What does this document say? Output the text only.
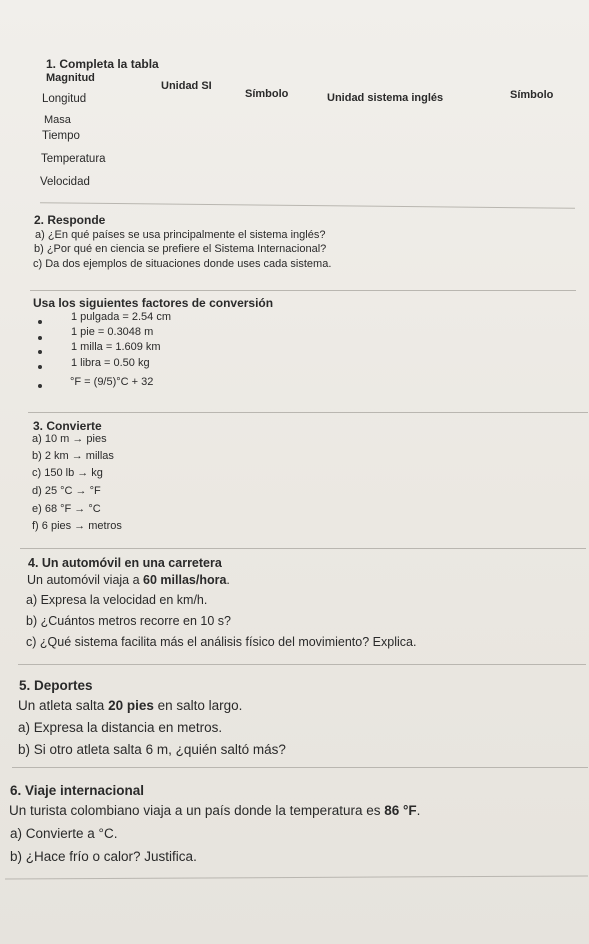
1. Completa la tabla
Magnitud
Unidad SI
Símbolo	Unidad sistema inglés	Símbolo
Longitud
Masa
Tiempo
Temperatura
Velocidad
2. Responde
a) ¿En qué países se usa principalmente el sistema inglés?
b) ¿Por qué en ciencia se prefiere el Sistema Internacional?
c) Da dos ejemplos de situaciones donde uses cada sistema.
Usa los siguientes factores de conversión
1 pulgada = 2.54 cm
1 pie = 0.3048 m
1 milla = 1.609 km
1 libra = 0.50 kg
°F = (9/5)°C + 32
3. Convierte
a) 10 m → pies
b) 2 km → millas
c) 150 lb → kg
d) 25 °C → °F
e) 68 °F → °C
f) 6 pies → metros
4. Un automóvil en una carretera
Un automóvil viaja a 60 millas/hora.
a) Expresa la velocidad en km/h.
b) ¿Cuántos metros recorre en 10 s?
c) ¿Qué sistema facilita más el análisis físico del movimiento? Explica.
5. Deportes
Un atleta salta 20 pies en salto largo.
a) Expresa la distancia en metros.
b) Si otro atleta salta 6 m, ¿quién saltó más?
6. Viaje internacional
Un turista colombiano viaja a un país donde la temperatura es 86 °F.
a) Convierte a °C.
b) ¿Hace frío o calor? Justifica.
